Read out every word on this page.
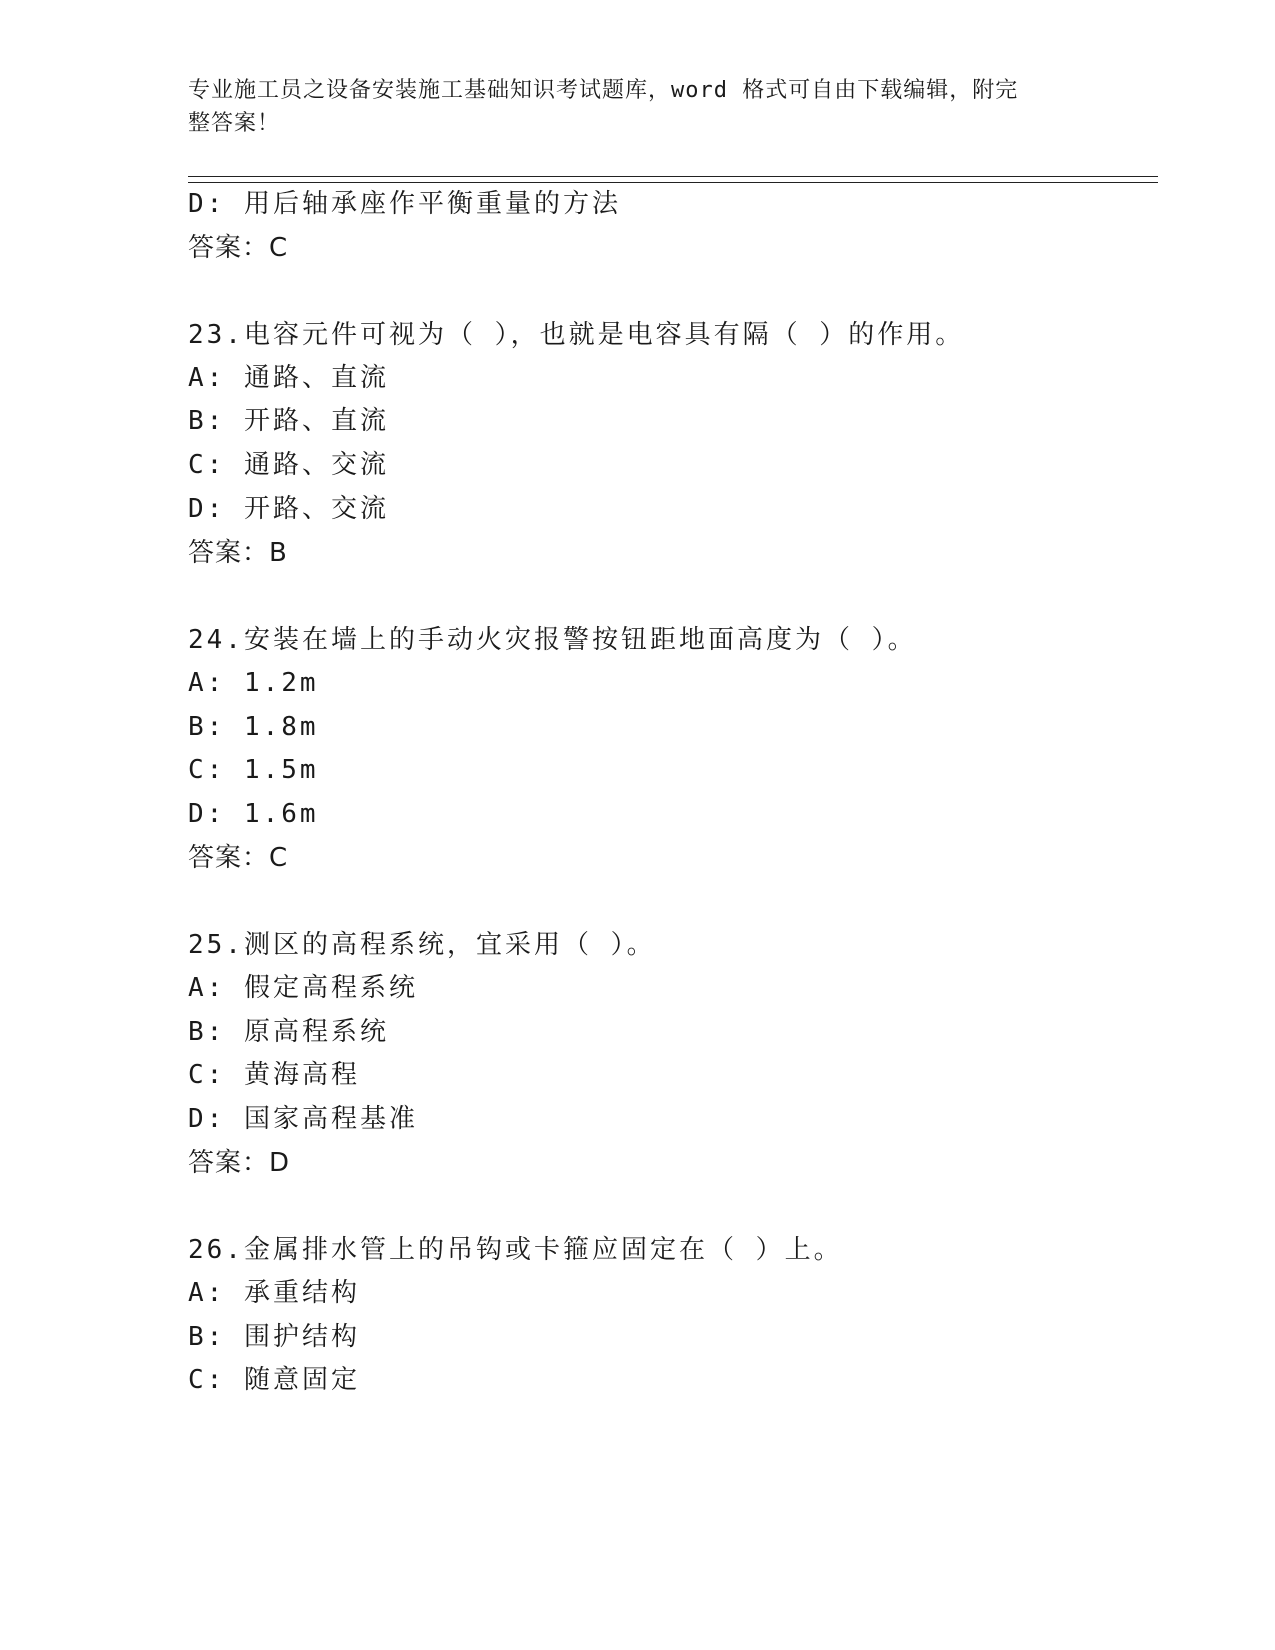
专业施工员之设备安装施工基础知识考试题库，word 格式可自由下载编辑，附完
整答案！
D: 用后轴承座作平衡重量的方法
答案：C
23.电容元件可视为（ ），也就是电容具有隔（ ）的作用。
A: 通路、直流
B: 开路、直流
C: 通路、交流
D: 开路、交流
答案：B
24.安装在墙上的手动火灾报警按钮距地面高度为（ ）。
A: 1.2m
B: 1.8m
C: 1.5m
D: 1.6m
答案：C
25.测区的高程系统，宜采用（ ）。
A: 假定高程系统
B: 原高程系统
C: 黄海高程
D: 国家高程基准
答案：D
26.金属排水管上的吊钩或卡箍应固定在（ ）上。
A: 承重结构
B: 围护结构
C: 随意固定
